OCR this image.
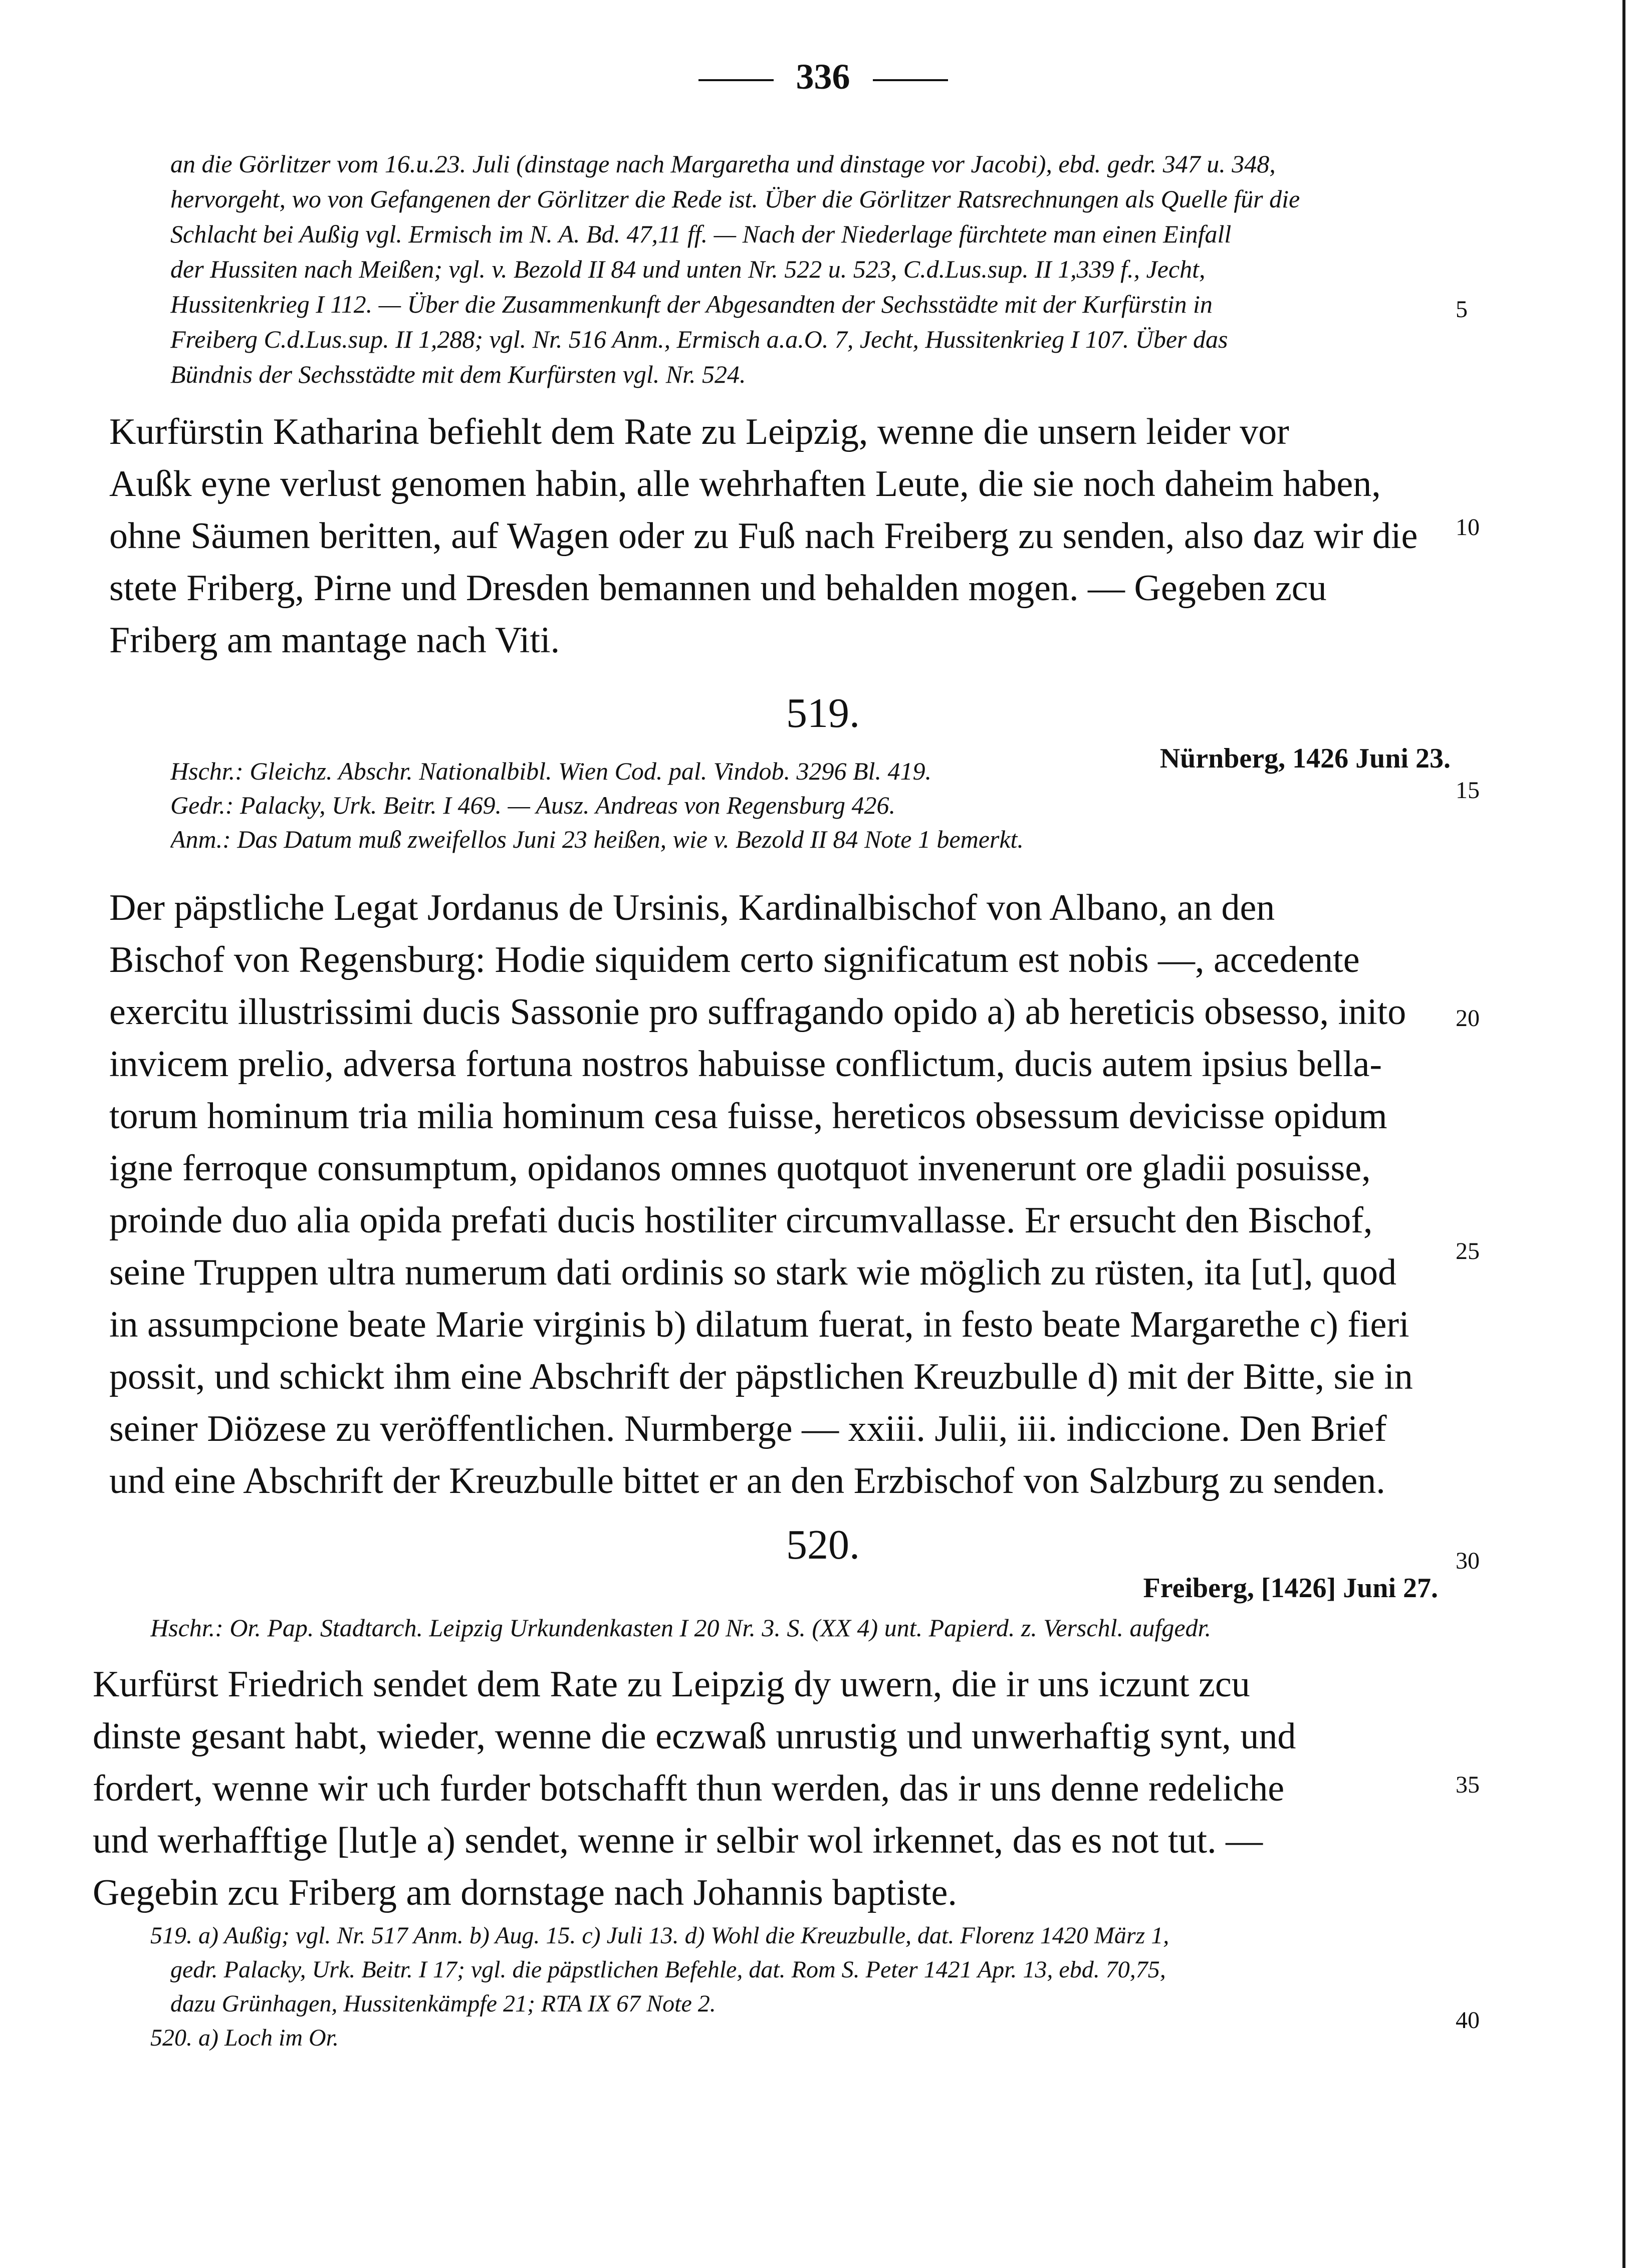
336
an die Görlitzer vom 16.u.23. Juli (dinstage nach Margaretha und dinstage vor Jacobi), ebd. gedr. 347 u. 348,
hervorgeht, wo von Gefangenen der Görlitzer die Rede ist. Über die Görlitzer Ratsrechnungen als Quelle für die
Schlacht bei Außig vgl. Ermisch im N. A. Bd. 47,11 ff. — Nach der Niederlage fürchtete man einen Einfall
der Hussiten nach Meißen; vgl. v. Bezold II 84 und unten Nr. 522 u. 523, C.d.Lus.sup. II 1,339 f., Jecht,
Hussitenkrieg I 112. — Über die Zusammenkunft der Abgesandten der Sechsstädte mit der Kurfürstin in
Freiberg C.d.Lus.sup. II 1,288; vgl. Nr. 516 Anm., Ermisch a.a.O. 7, Jecht, Hussitenkrieg I 107. Über das
Bündnis der Sechsstädte mit dem Kurfürsten vgl. Nr. 524.
Kurfürstin Katharina befiehlt dem Rate zu Leipzig, wenne die unsern leider vor
Außk eyne verlust genomen habin, alle wehrhaften Leute, die sie noch daheim haben,
ohne Säumen beritten, auf Wagen oder zu Fuß nach Freiberg zu senden, also daz wir die
stete Friberg, Pirne und Dresden bemannen und behalden mogen. — Gegeben zcu
Friberg am mantage nach Viti.
519.
Nürnberg, 1426 Juni 23.
Hschr.: Gleichz. Abschr. Nationalbibl. Wien Cod. pal. Vindob. 3296 Bl. 419.
Gedr.: Palacky, Urk. Beitr. I 469. — Ausz. Andreas von Regensburg 426.
Anm.: Das Datum muß zweifellos Juni 23 heißen, wie v. Bezold II 84 Note 1 bemerkt.
Der päpstliche Legat Jordanus de Ursinis, Kardinalbischof von Albano, an den
Bischof von Regensburg: Hodie siquidem certo significatum est nobis —, accedente
exercitu illustrissimi ducis Sassonie pro suffragando opido a) ab hereticis obsesso, inito
invicem prelio, adversa fortuna nostros habuisse conflictum, ducis autem ipsius bella-
torum hominum tria milia hominum cesa fuisse, hereticos obsessum devicisse opidum
igne ferroque consumptum, opidanos omnes quotquot invenerunt ore gladii posuisse,
proinde duo alia opida prefati ducis hostiliter circumvallasse. Er ersucht den Bischof,
seine Truppen ultra numerum dati ordinis so stark wie möglich zu rüsten, ita [ut], quod
in assumpcione beate Marie virginis b) dilatum fuerat, in festo beate Margarethe c) fieri
possit, und schickt ihm eine Abschrift der päpstlichen Kreuzbulle d) mit der Bitte, sie in
seiner Diözese zu veröffentlichen. Nurmberge — xxiii. Julii, iii. indiccione. Den Brief
und eine Abschrift der Kreuzbulle bittet er an den Erzbischof von Salzburg zu senden.
520.
Freiberg, [1426] Juni 27.
Hschr.: Or. Pap. Stadtarch. Leipzig Urkundenkasten I 20 Nr. 3. S. (XX 4) unt. Papierd. z. Verschl. aufgedr.
Kurfürst Friedrich sendet dem Rate zu Leipzig dy uwern, die ir uns iczunt zcu
dinste gesant habt, wieder, wenne die eczwaß unrustig und unwerhaftig synt, und
fordert, wenne wir uch furder botschafft thun werden, das ir uns denne redeliche
und werhafftige [lut]e a) sendet, wenne ir selbir wol irkennet, das es not tut. —
Gegebin zcu Friberg am dornstage nach Johannis baptiste.
519. a) Außig; vgl. Nr. 517 Anm. b) Aug. 15. c) Juli 13. d) Wohl die Kreuzbulle, dat. Florenz 1420 März 1,
gedr. Palacky, Urk. Beitr. I 17; vgl. die päpstlichen Befehle, dat. Rom S. Peter 1421 Apr. 13, ebd. 70,75,
dazu Grünhagen, Hussitenkämpfe 21; RTA IX 67 Note 2.
520. a) Loch im Or.
5
10
15
20
25
30
35
40
